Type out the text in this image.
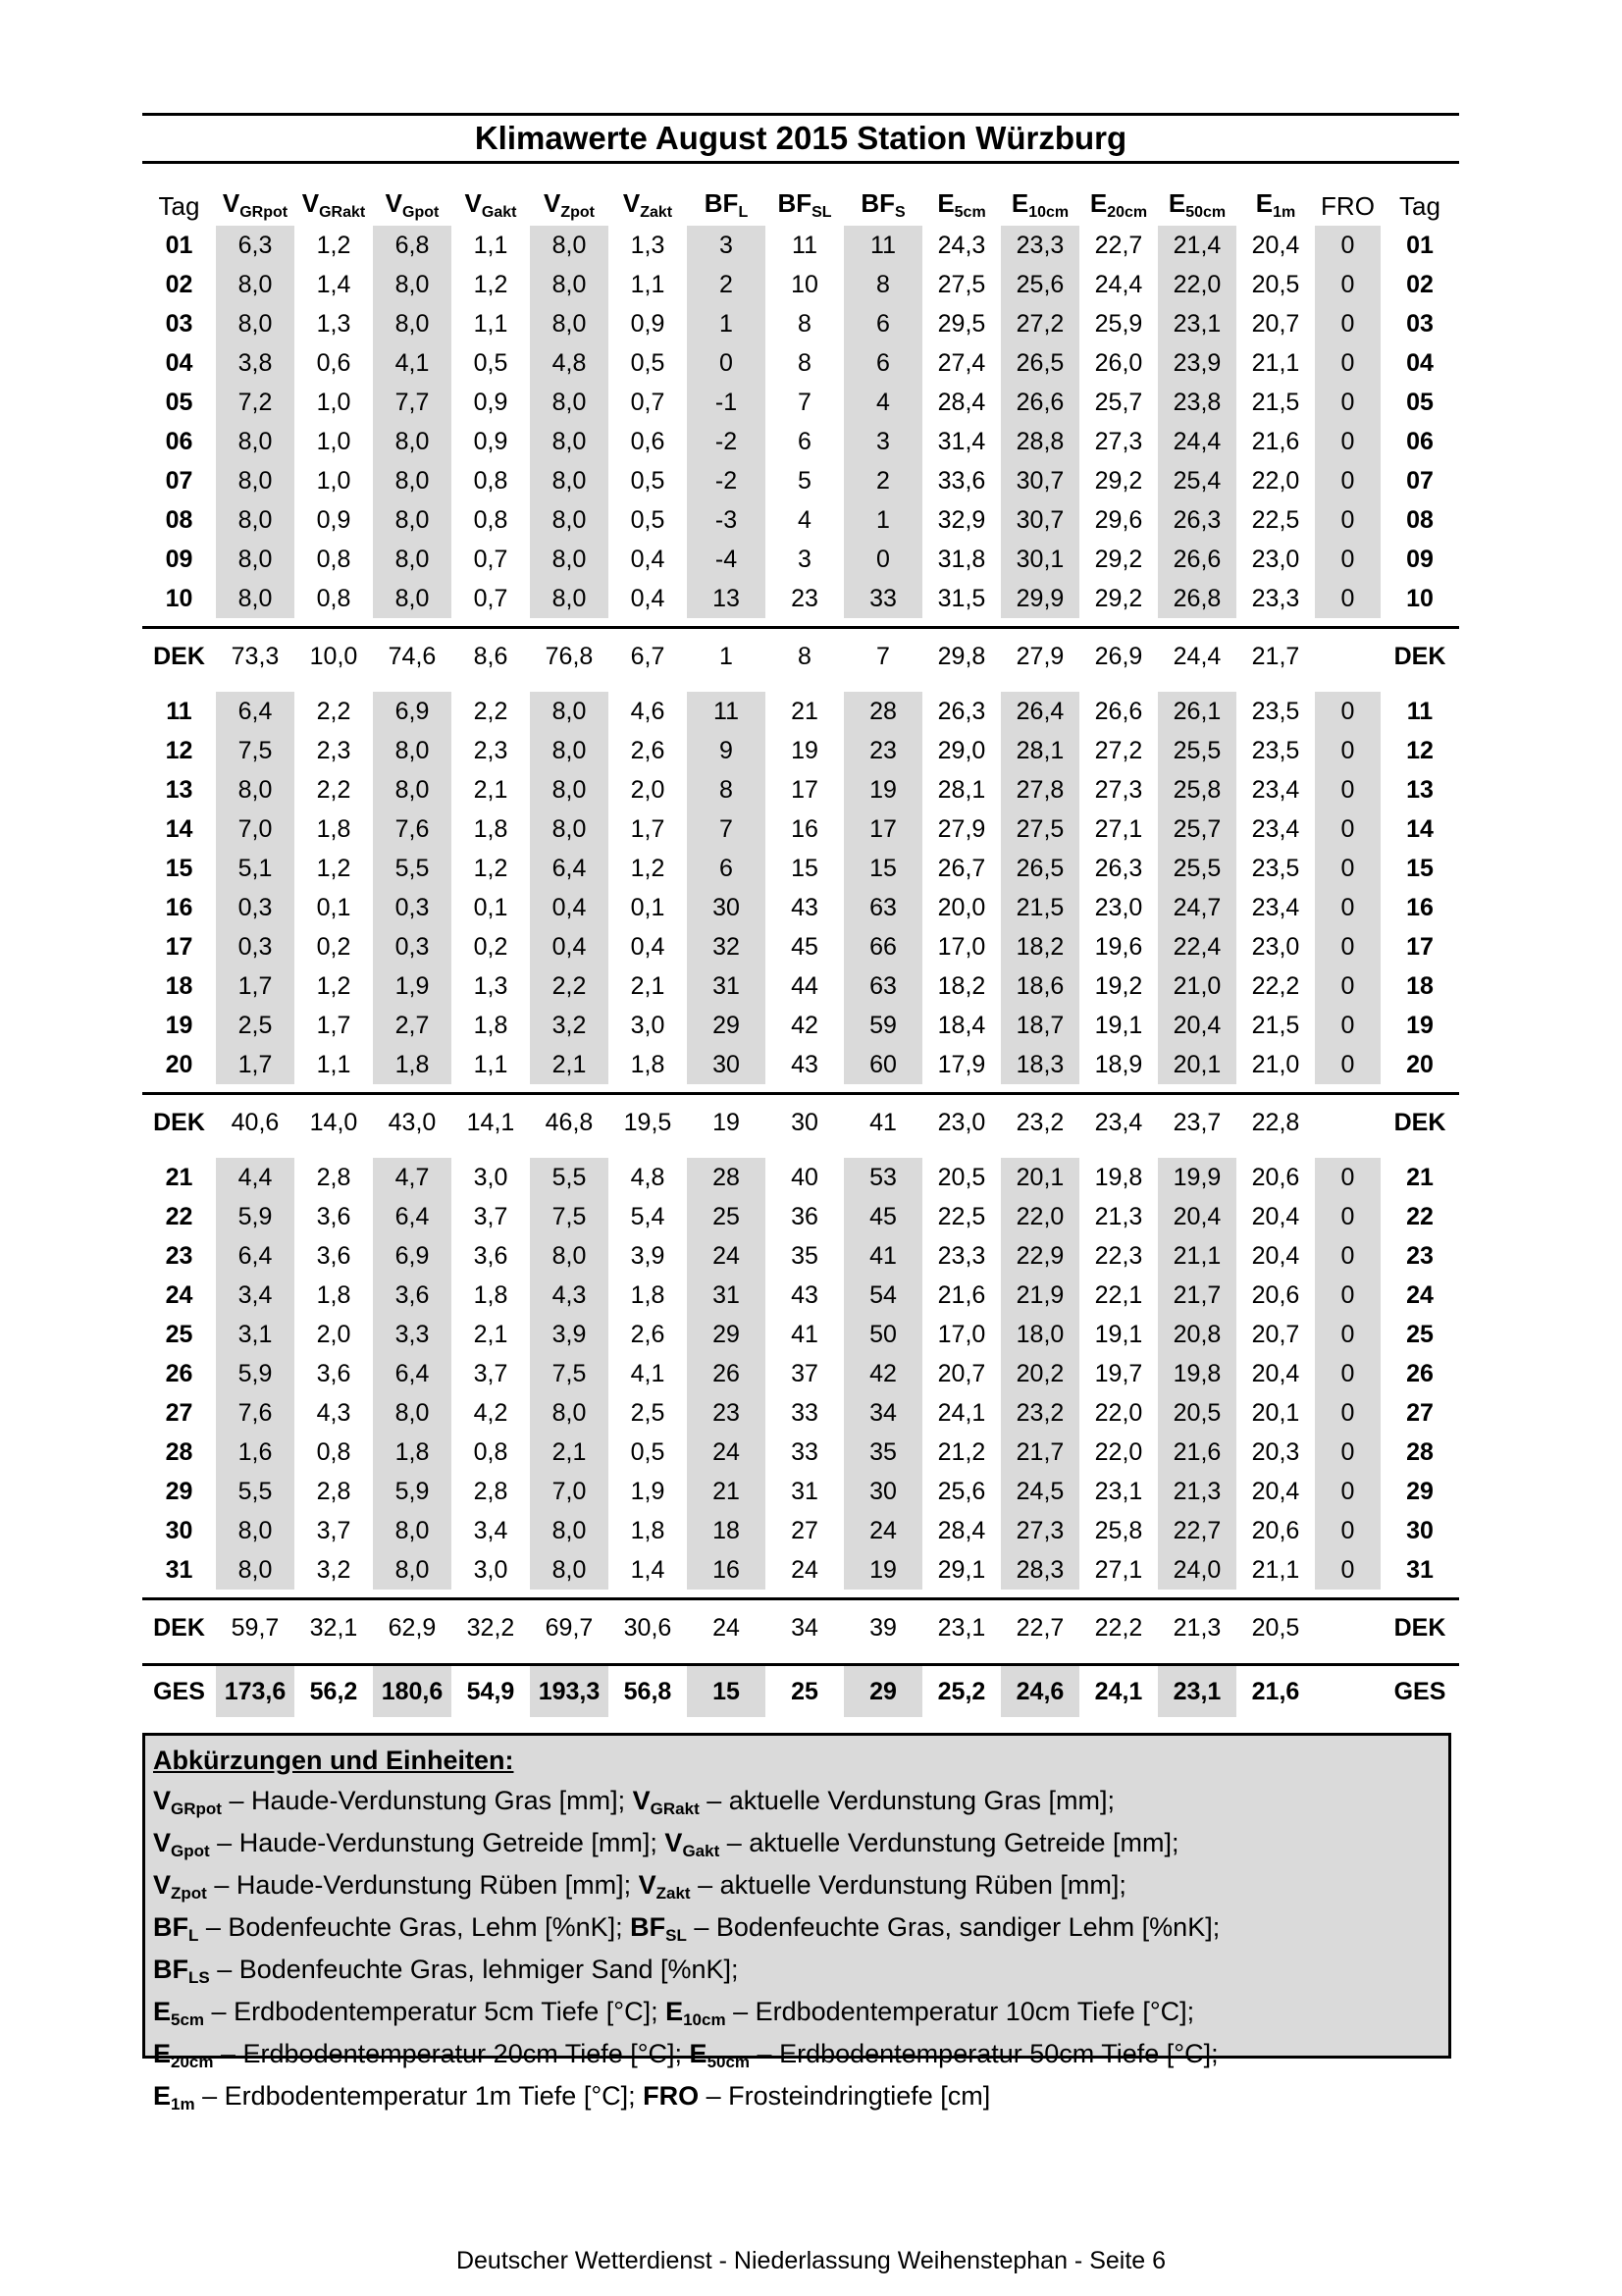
Klimawerte August 2015 Station Würzburg
Tag	$V_{GRpot}$	$V_{GRakt}$	$V_{Gpot}$	$V_{Gakt}$	$V_{Zpot}$	$V_{Zakt}$	$BF_L$	$BF_{SL}$	$BF_S$	$E_{5cm}$	$E_{10cm}$	$E_{20cm}$	$E_{50cm}$	$E_{1m}$	FRO	Tag

01	6,3	1,2	6,8	1,1	8,0	1,3	3	11	11	24,3	23,3	22,7	21,4	20,4	0	01
02	8,0	1,4	8,0	1,2	8,0	1,1	2	10	8	27,5	25,6	24,4	22,0	20,5	0	02
03	8,0	1,3	8,0	1,1	8,0	0,9	1	8	6	29,5	27,2	25,9	23,1	20,7	0	03
04	3,8	0,6	4,1	0,5	4,8	0,5	0	8	6	27,4	26,5	26,0	23,9	21,1	0	04
05	7,2	1,0	7,7	0,9	8,0	0,7	-1	7	4	28,4	26,6	25,7	23,8	21,5	0	05
06	8,0	1,0	8,0	0,9	8,0	0,6	-2	6	3	31,4	28,8	27,3	24,4	21,6	0	06
07	8,0	1,0	8,0	0,8	8,0	0,5	-2	5	2	33,6	30,7	29,2	25,4	22,0	0	07
08	8,0	0,9	8,0	0,8	8,0	0,5	-3	4	1	32,9	30,7	29,6	26,3	22,5	0	08
09	8,0	0,8	8,0	0,7	8,0	0,4	-4	3	0	31,8	30,1	29,2	26,6	23,0	0	09
10	8,0	0,8	8,0	0,7	8,0	0,4	13	23	33	31,5	29,9	29,2	26,8	23,3	0	10

DEK	73,3	10,0	74,6	8,6	76,8	6,7	1	8	7	29,8	27,9	26,9	24,4	21,7		DEK

11	6,4	2,2	6,9	2,2	8,0	4,6	11	21	28	26,3	26,4	26,6	26,1	23,5	0	11
12	7,5	2,3	8,0	2,3	8,0	2,6	9	19	23	29,0	28,1	27,2	25,5	23,5	0	12
13	8,0	2,2	8,0	2,1	8,0	2,0	8	17	19	28,1	27,8	27,3	25,8	23,4	0	13
14	7,0	1,8	7,6	1,8	8,0	1,7	7	16	17	27,9	27,5	27,1	25,7	23,4	0	14
15	5,1	1,2	5,5	1,2	6,4	1,2	6	15	15	26,7	26,5	26,3	25,5	23,5	0	15
16	0,3	0,1	0,3	0,1	0,4	0,1	30	43	63	20,0	21,5	23,0	24,7	23,4	0	16
17	0,3	0,2	0,3	0,2	0,4	0,4	32	45	66	17,0	18,2	19,6	22,4	23,0	0	17
18	1,7	1,2	1,9	1,3	2,2	2,1	31	44	63	18,2	18,6	19,2	21,0	22,2	0	18
19	2,5	1,7	2,7	1,8	3,2	3,0	29	42	59	18,4	18,7	19,1	20,4	21,5	0	19
20	1,7	1,1	1,8	1,1	2,1	1,8	30	43	60	17,9	18,3	18,9	20,1	21,0	0	20

DEK	40,6	14,0	43,0	14,1	46,8	19,5	19	30	41	23,0	23,2	23,4	23,7	22,8		DEK

21	4,4	2,8	4,7	3,0	5,5	4,8	28	40	53	20,5	20,1	19,8	19,9	20,6	0	21
22	5,9	3,6	6,4	3,7	7,5	5,4	25	36	45	22,5	22,0	21,3	20,4	20,4	0	22
23	6,4	3,6	6,9	3,6	8,0	3,9	24	35	41	23,3	22,9	22,3	21,1	20,4	0	23
24	3,4	1,8	3,6	1,8	4,3	1,8	31	43	54	21,6	21,9	22,1	21,7	20,6	0	24
25	3,1	2,0	3,3	2,1	3,9	2,6	29	41	50	17,0	18,0	19,1	20,8	20,7	0	25
26	5,9	3,6	6,4	3,7	7,5	4,1	26	37	42	20,7	20,2	19,7	19,8	20,4	0	26
27	7,6	4,3	8,0	4,2	8,0	2,5	23	33	34	24,1	23,2	22,0	20,5	20,1	0	27
28	1,6	0,8	1,8	0,8	2,1	0,5	24	33	35	21,2	21,7	22,0	21,6	20,3	0	28
29	5,5	2,8	5,9	2,8	7,0	1,9	21	31	30	25,6	24,5	23,1	21,3	20,4	0	29
30	8,0	3,7	8,0	3,4	8,0	1,8	18	27	24	28,4	27,3	25,8	22,7	20,6	0	30
31	8,0	3,2	8,0	3,0	8,0	1,4	16	24	19	29,1	28,3	27,1	24,0	21,1	0	31

DEK	59,7	32,1	62,9	32,2	69,7	30,6	24	34	39	23,1	22,7	22,2	21,3	20,5		DEK

GES	173,6	56,2	180,6	54,9	193,3	56,8	15	25	29	25,2	24,6	24,1	23,1	21,6		GES
Abkürzungen und Einheiten:
$V_{GRpot}$ – Haude-Verdunstung Gras [mm]; $V_{GRakt}$ – aktuelle Verdunstung Gras [mm];
$V_{Gpot}$ – Haude-Verdunstung Getreide [mm]; $V_{Gakt}$ – aktuelle Verdunstung Getreide [mm];
$V_{Zpot}$ – Haude-Verdunstung Rüben [mm]; $V_{Zakt}$ – aktuelle Verdunstung Rüben [mm];
$BF_L$ – Bodenfeuchte Gras, Lehm [%nK]; $BF_{SL}$ – Bodenfeuchte Gras, sandiger Lehm [%nK];
$BF_{LS}$ – Bodenfeuchte Gras, lehmiger Sand [%nK];
$E_{5cm}$ – Erdbodentemperatur 5cm Tiefe [°C]; $E_{10cm}$ – Erdbodentemperatur 10cm Tiefe [°C];
$E_{20cm}$ – Erdbodentemperatur 20cm Tiefe [°C]; $E_{50cm}$ – Erdbodentemperatur 50cm Tiefe [°C];
$E_{1m}$ – Erdbodentemperatur 1m Tiefe [°C]; FRO – Frosteindringtiefe [cm]
Deutscher Wetterdienst - Niederlassung Weihenstephan - Seite 6
